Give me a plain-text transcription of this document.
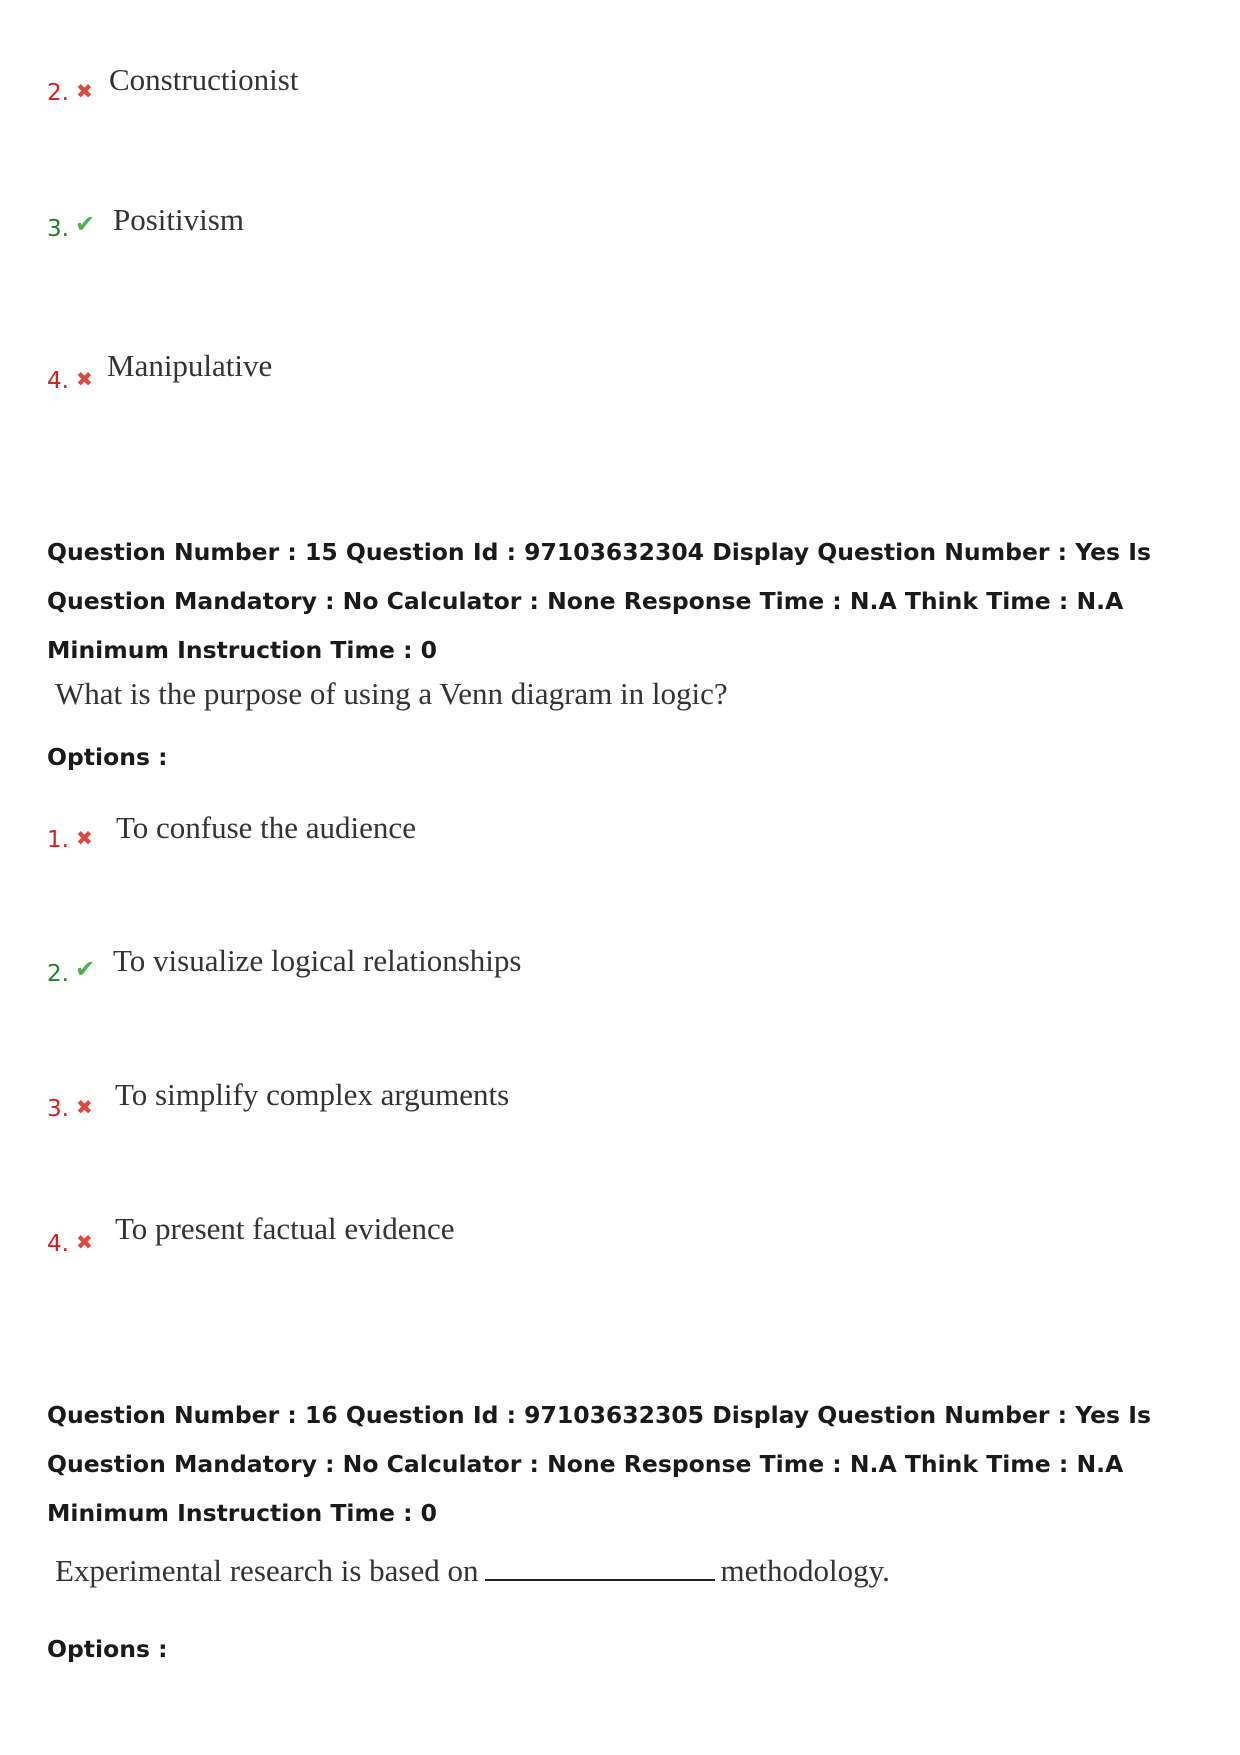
2. ✖ Constructionist
3. ✔ Positivism
4. ✖ Manipulative
Question Number : 15 Question Id : 97103632304 Display Question Number : Yes Is Question Mandatory : No Calculator : None Response Time : N.A Think Time : N.A Minimum Instruction Time : 0
What is the purpose of using a Venn diagram in logic?
Options :
1. ✖ To confuse the audience
2. ✔ To visualize logical relationships
3. ✖ To simplify complex arguments
4. ✖ To present factual evidence
Question Number : 16 Question Id : 97103632305 Display Question Number : Yes Is Question Mandatory : No Calculator : None Response Time : N.A Think Time : N.A Minimum Instruction Time : 0
Experimental research is based on	methodology.
Options :
